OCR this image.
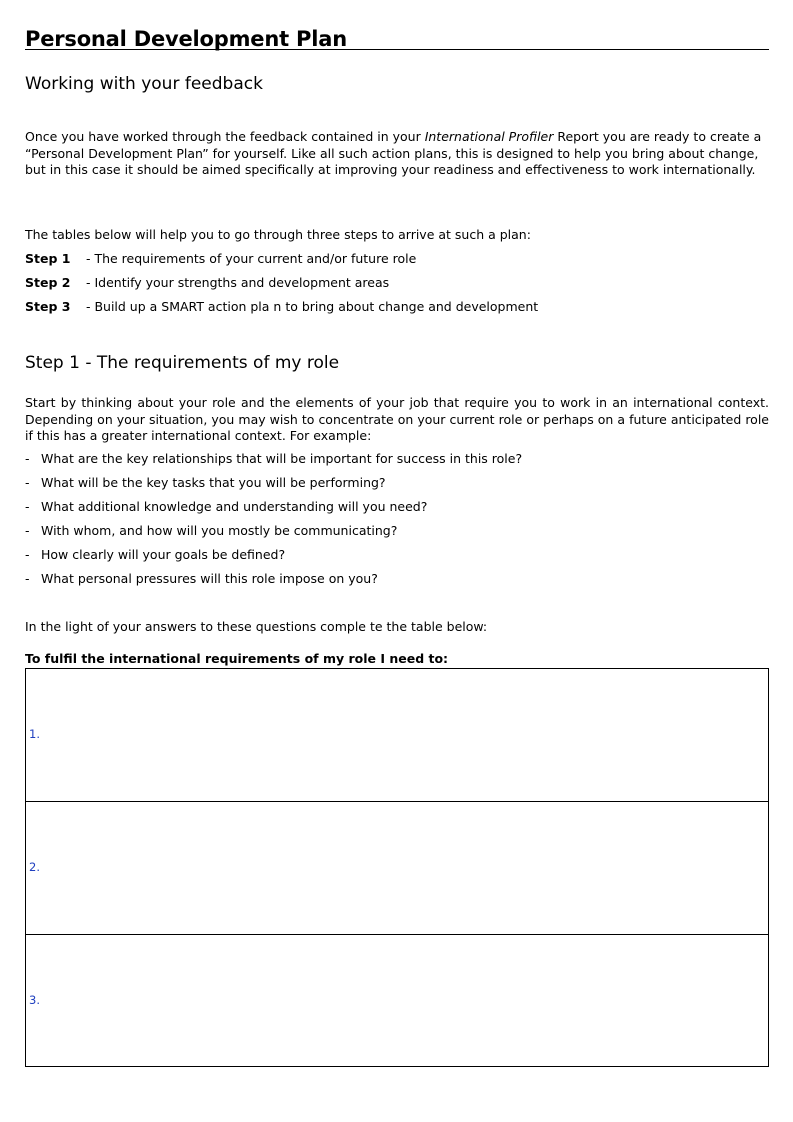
Personal Development Plan
Working with your feedback
Once you have worked through the feedback contained in your International Profiler Report you are ready to create a “Personal Development Plan” for yourself. Like all such action plans, this is designed to help you bring about change, but in this case it should be aimed specifically at improving your readiness and effectiveness to work internationally.
The tables below will help you to go through three steps to arrive at such a plan:
Step 1 - The requirements of your current and/or future role
Step 2 - Identify your strengths and development areas
Step 3 - Build up a SMART action pla n to bring about change and development
Step 1 - The requirements of my role
Start by thinking about your role and the elements of your job that require you to work in an international context. Depending on your situation, you may wish to concentrate on your current role or perhaps on a future anticipated role if this has a greater international context. For example:
- What are the key relationships that will be important for success in this role?
- What will be the key tasks that you will be performing?
- What additional knowledge and understanding will you need?
- With whom, and how will you mostly be communicating?
- How clearly will your goals be defined?
- What personal pressures will this role impose on you?
In the light of your answers to these questions comple te the table below:
To fulfil the international requirements of my role I need to:
1.
2.
3.
